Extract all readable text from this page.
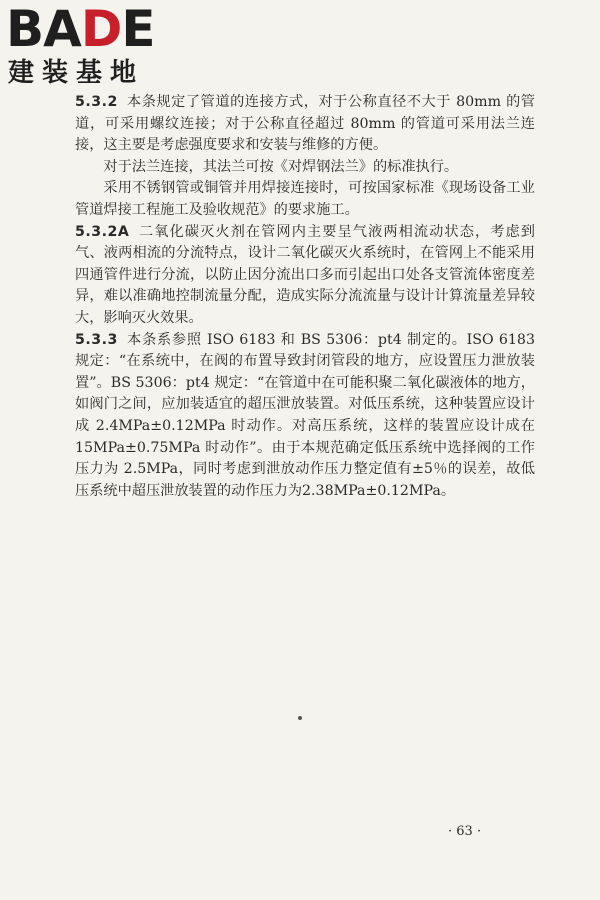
BADE
建装基地

5.3.2 本条规定了管道的连接方式，对于公称直径不大于 80mm 的管道，可采用螺纹连接；对于公称直径超过 80mm 的管道可采用法兰连接，这主要是考虑强度要求和安装与维修的方便。

对于法兰连接，其法兰可按《对焊钢法兰》的标准执行。

采用不锈钢管或铜管并用焊接连接时，可按国家标准《现场设备工业管道焊接工程施工及验收规范》的要求施工。

5.3.2A 二氧化碳灭火剂在管网内主要呈气液两相流动状态，考虑到气、液两相流的分流特点，设计二氧化碳灭火系统时，在管网上不能采用四通管件进行分流，以防止因分流出口多而引起出口处各支管流体密度差异，难以准确地控制流量分配，造成实际分流流量与设计计算流量差异较大，影响灭火效果。

5.3.3 本条系参照 ISO 6183 和 BS 5306：pt4 制定的。ISO 6183 规定：“在系统中，在阀的布置导致封闭管段的地方，应设置压力泄放装置”。BS 5306：pt4 规定：“在管道中在可能积聚二氧化碳液体的地方，如阀门之间，应加装适宜的超压泄放装置。对低压系统，这种装置应设计成 2.4MPa±0.12MPa 时动作。对高压系统，这样的装置应设计成在 15MPa±0.75MPa 时动作”。由于本规范确定低压系统中选择阀的工作压力为 2.5MPa，同时考虑到泄放动作压力整定值有±5％的误差，故低压系统中超压泄放装置的动作压力为2.38MPa±0.12MPa。

· 63 ·
